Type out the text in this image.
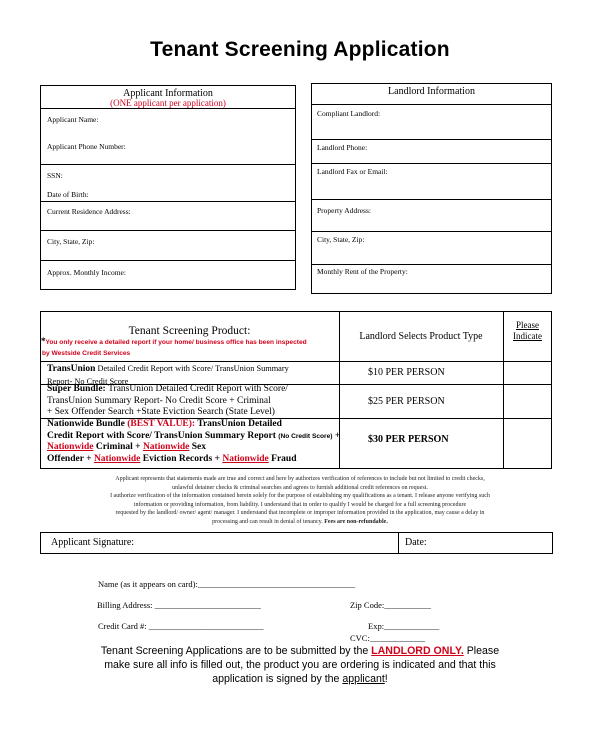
Tenant Screening Application
Applicant Information
(ONE applicant per application)
Applicant Name:
Applicant Phone Number:
SSN:
Date of Birth:
Current Residence Address:
City, State, Zip:
Approx. Monthly Income:
Landlord Information
Compliant Landlord:
Landlord Phone:
Landlord Fax or Email:
Property Address:
City, State, Zip:
Monthly Rent of the Property:
Tenant Screening Product:
*You only receive a detailed report if your home/ business office has been inspected
by Westside Credit Services
Landlord Selects Product Type
Please
Indicate
TransUnion Detailed Credit Report with Score/ TransUnion Summary
Report- No Credit Score
$10 PER PERSON
Super Bundle: TransUnion Detailed Credit Report with Score/
TransUnion Summary Report- No Credit Score + Criminal
+ Sex Offender Search +State Eviction Search (State Level)
$25 PER PERSON
Nationwide Bundle (BEST VALUE): TransUnion Detailed
Credit Report with Score/ TransUnion Summary Report (No Credit Score) +
Nationwide Criminal + Nationwide Sex
Offender + Nationwide Eviction Records + Nationwide Fraud
$30 PER PERSON
Applicant represents that statements made are true and correct and here by authorizes verification of references to include but not limited to credit checks,
unlawful detainer checks & criminal searches and agrees to furnish additional credit references on request.
I authorize verification of the information contained herein solely for the purpose of establishing my qualifications as a tenant. I release anyone verifying such
information or providing information, from liability. I understand that in order to qualify I would be charged for a full screening procedure
requested by the landlord/ owner/ agent/ manager. I understand that incomplete or improper information provided in the application, may cause a delay in
processing and can result in denial of tenancy. Fees are non-refundable.
Applicant Signature:	Date:
Name (as it appears on card):_____________________________________
Billing Address: _________________________	Zip Code:___________
Credit Card #: ___________________________	Exp:_____________
CVC:_____________
Tenant Screening Applications are to be submitted by the LANDLORD ONLY. Please
make sure all info is filled out, the product you are ordering is indicated and that this
application is signed by the applicant!
